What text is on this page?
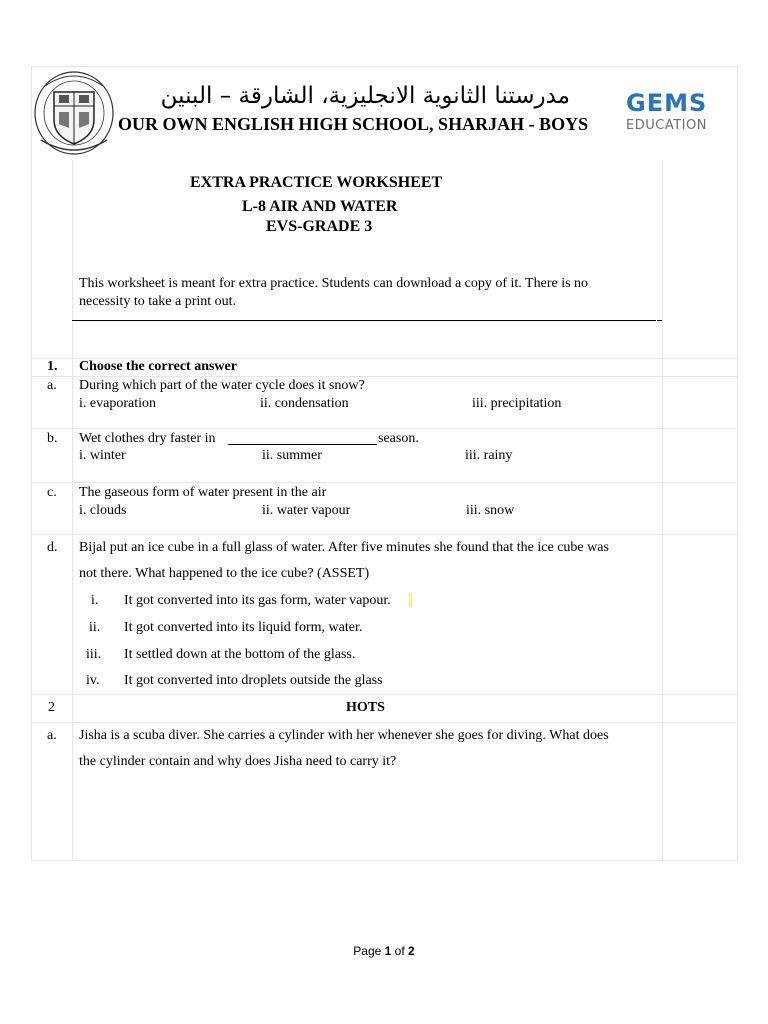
مدرستنا الثانوية الانجليزية، الشارقة – البنين
OUR OWN ENGLISH HIGH SCHOOL, SHARJAH - BOYS
GEMS
EDUCATION
EXTRA PRACTICE WORKSHEET
L-8 AIR AND WATER
EVS-GRADE 3
This worksheet is meant for extra practice. Students can download a copy of it. There is no
necessity to take a print out.
1. Choose the correct answer
a. During which part of the water cycle does it snow?
i. evaporation	ii. condensation	iii. precipitation
b. Wet clothes dry faster in	season.
i. winter	ii. summer	iii. rainy
c. The gaseous form of water present in the air
i. clouds	ii. water vapour	iii. snow
d. Bijal put an ice cube in a full glass of water. After five minutes she found that the ice cube was
not there. What happened to the ice cube? (ASSET)
i. It got converted into its gas form, water vapour.
ii. It got converted into its liquid form, water.
iii. It settled down at the bottom of the glass.
iv. It got converted into droplets outside the glass
2	HOTS
a. Jisha is a scuba diver. She carries a cylinder with her whenever she goes for diving. What does
the cylinder contain and why does Jisha need to carry it?
Page 1 of 2
